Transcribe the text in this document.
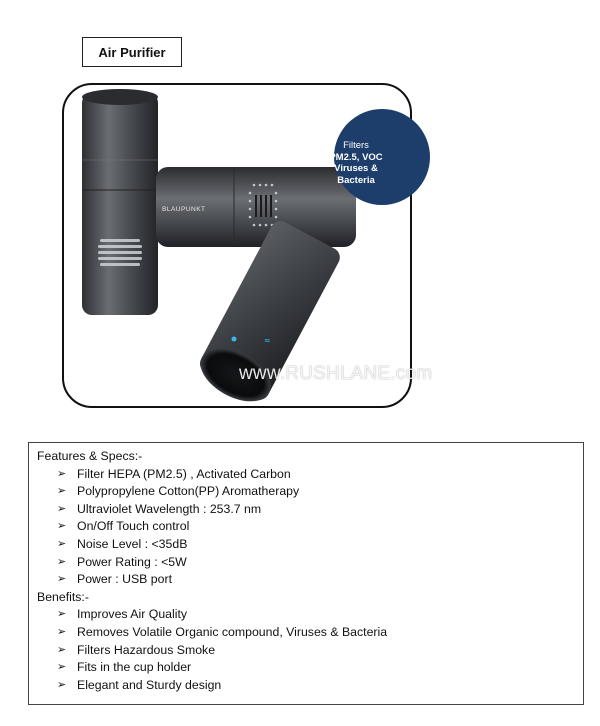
Air Purifier
≈
BLAUPUNKT
www.RUSHLANE.com
Filters
PM2.5, VOC
Viruses &
Bacteria

Features & Specs:-

➢ Filter HEPA (PM2.5) , Activated Carbon
➢ Polypropylene Cotton(PP) Aromatherapy
➢ Ultraviolet Wavelength : 253.7 nm
➢ On/Off Touch control
➢ Noise Level : <35dB
➢ Power Rating : <5W
➢ Power : USB port

Benefits:-

➢ Improves Air Quality
➢ Removes Volatile Organic compound, Viruses & Bacteria
➢ Filters Hazardous Smoke
➢ Fits in the cup holder
➢ Elegant and Sturdy design
